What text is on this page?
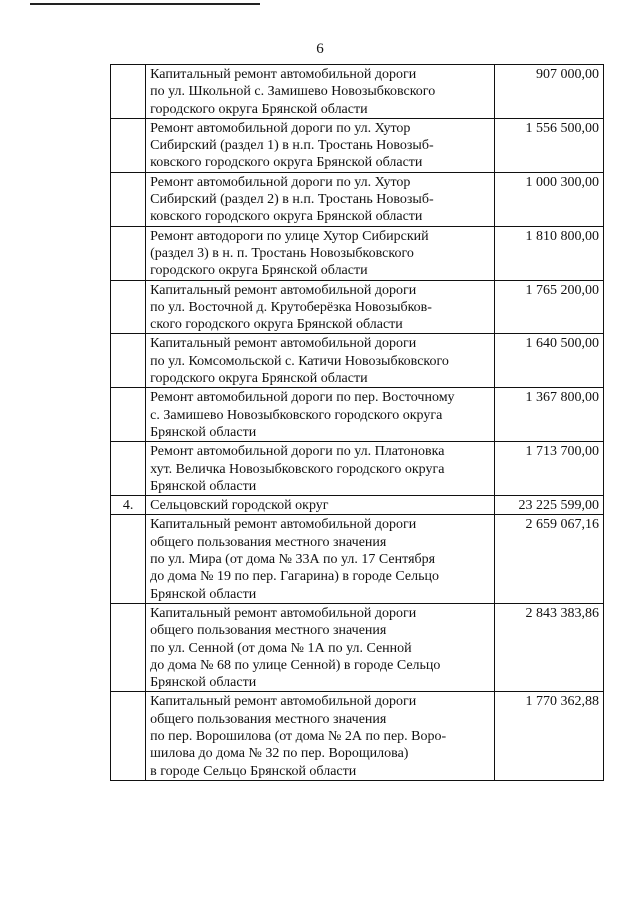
6

	Капитальный ремонт автомобильной дороги
по ул. Школьной с. Замишево Новозыбковского
городского округа Брянской области	907 000,00

	Ремонт автомобильной дороги по ул. Хутор
Сибирский (раздел 1) в н.п. Тростань Новозыб-
ковского городского округа Брянской области	1 556 500,00

	Ремонт автомобильной дороги по ул. Хутор
Сибирский (раздел 2) в н.п. Тростань Новозыб-
ковского городского округа Брянской области	1 000 300,00

	Ремонт автодороги по улице Хутор Сибирский
(раздел 3) в н. п. Тростань Новозыбковского
городского округа Брянской области	1 810 800,00

	Капитальный ремонт автомобильной дороги
по ул. Восточной д. Крутоберёзка Новозыбков-
ского городского округа Брянской области	1 765 200,00

	Капитальный ремонт автомобильной дороги
по ул. Комсомольской с. Катичи Новозыбковского
городского округа Брянской области	1 640 500,00

	Ремонт автомобильной дороги по пер. Восточному
с. Замишево Новозыбковского городского округа
Брянской области	1 367 800,00

	Ремонт автомобильной дороги по ул. Платоновка
хут. Величка Новозыбковского городского округа
Брянской области	1 713 700,00
4.	Сельцовский городской округ	23 225 599,00

	Капитальный ремонт автомобильной дороги
общего пользования местного значения
по ул. Мира (от дома № 33А по ул. 17 Сентября
до дома № 19 по пер. Гагарина) в городе Сельцо
Брянской области	2 659 067,16

	Капитальный ремонт автомобильной дороги
общего пользования местного значения
по ул. Сенной (от дома № 1А по ул. Сенной
до дома № 68 по улице Сенной) в городе Сельцо
Брянской области	2 843 383,86

	Капитальный ремонт автомобильной дороги
общего пользования местного значения
по пер. Ворошилова (от дома № 2А по пер. Воро-
шилова до дома № 32 по пер. Ворощилова)
в городе Сельцо Брянской области	1 770 362,88
